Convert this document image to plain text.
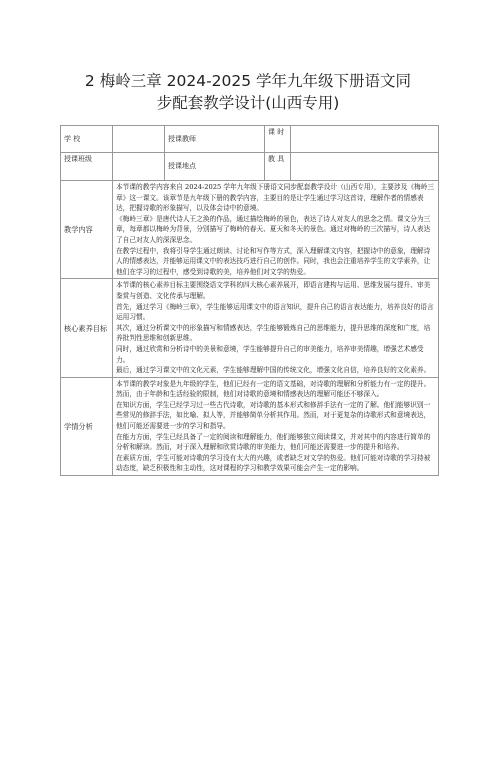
2 梅岭三章 2024-2025 学年九年级下册语文同

步配套教学设计(山西专用)

学 校		授课教师	课 时	
授课班级		授课地点	教 具	
教学内容	本节课的教学内容来自 2024-2025 学年九年级下册语文同步配套教学设计（山西专用），主要涉及《梅岭三章》这一课文。该章节是九年级下册的教学内容，主要目的是让学生通过学习这首诗，理解作者的情感表达，把握诗歌的形象描写，以及体会诗中的意境。

《梅岭三章》是唐代诗人王之涣的作品，通过描绘梅岭的景色，表达了诗人对友人的思念之情。课文分为三章，每章都以梅岭为背景，分别描写了梅岭的春天、夏天和冬天的景色。通过对梅岭的三次描写，诗人表达了自己对友人的深深思念。

在教学过程中，我将引导学生通过朗读、讨论和写作等方式，深入理解课文内容，把握诗中的意象，理解诗人的情感表达，并能够运用课文中的表达技巧进行自己的创作。同时，我也会注重培养学生的文学素养，让他们在学习的过程中，感受到诗歌的美，培养他们对文学的热爱。			

核心素养目标	本节课的核心素养目标主要围绕语文学科的四大核心素养展开，即语言建构与运用、思维发展与提升、审美鉴赏与创造、文化传承与理解。

首先，通过学习《梅岭三章》，学生能够运用课文中的语言知识，提升自己的语言表达能力，培养良好的语言运用习惯。

其次，通过分析课文中的形象描写和情感表达，学生能够锻炼自己的思维能力，提升思维的深度和广度，培养批判性思维和创新思维。

同时，通过欣赏和分析诗中的美景和意境，学生能够提升自己的审美能力，培养审美情趣，增强艺术感受力。

最后，通过学习课文中的文化元素，学生能够理解中国的传统文化，增强文化自信，培养良好的文化素养。			

学情分析	本节课的教学对象是九年级的学生，他们已经有一定的语文基础，对诗歌的理解和分析能力有一定的提升。然而，由于年龄和生活经验的限制，他们对诗歌的意境和情感表达的理解可能还不够深入。

在知识方面，学生已经学习过一些古代诗歌，对诗歌的基本形式和修辞手法有一定的了解。他们能够识别一些常见的修辞手法，如比喻、拟人等，并能够简单分析其作用。然而，对于更复杂的诗歌形式和意境表达，他们可能还需要进一步的学习和指导。

在能力方面，学生已经具备了一定的阅读和理解能力，他们能够独立阅读课文，并对其中的内容进行简单的分析和解读。然而，对于深入理解和欣赏诗歌的审美能力，他们可能还需要进一步的提升和培养。

在素质方面，学生可能对诗歌的学习没有太大的兴趣，或者缺乏对文学的热爱。他们可能对诗歌的学习持被动态度，缺乏积极性和主动性，这对课程的学习和教学效果可能会产生一定的影响。			
